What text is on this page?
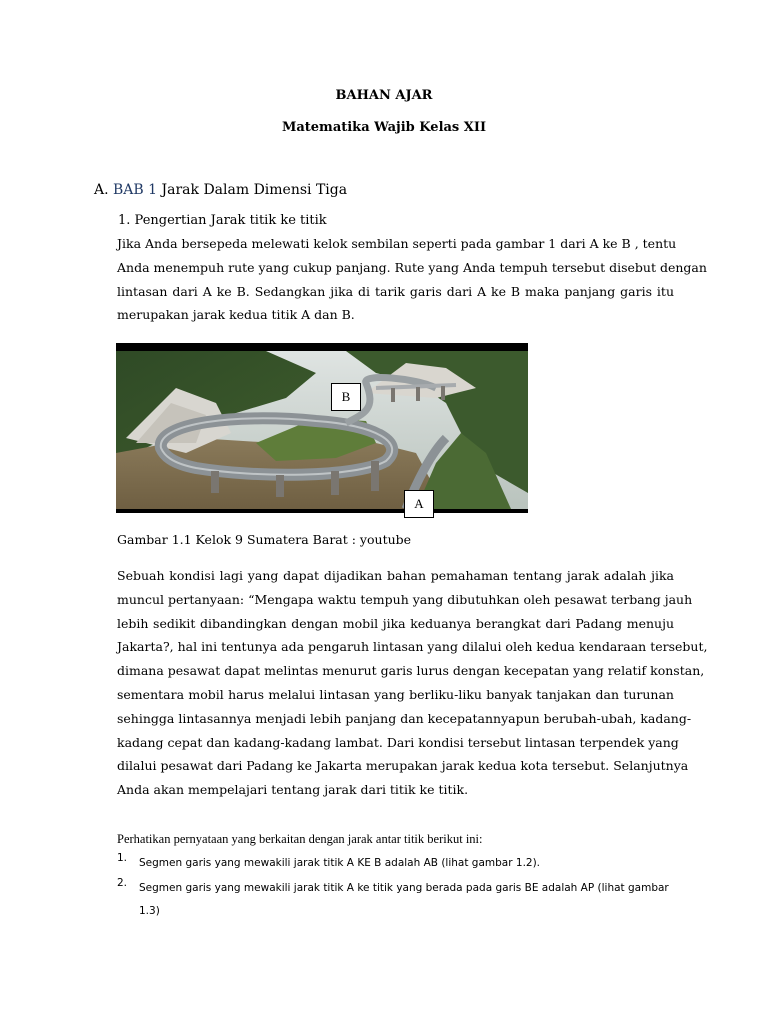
BAHAN AJAR
Matematika Wajib Kelas XII
A. BAB 1 Jarak Dalam Dimensi Tiga
1. Pengertian Jarak titik ke titik
Jika Anda bersepeda melewati kelok sembilan seperti pada gambar 1 dari A ke B , tentu
Anda menempuh rute yang cukup panjang. Rute yang Anda tempuh tersebut disebut dengan
lintasan dari A ke B. Sedangkan jika di tarik garis dari A ke B maka panjang garis itu
merupakan jarak kedua titik A dan B.
B
A
Gambar 1.1 Kelok 9 Sumatera Barat : youtube
Sebuah kondisi lagi yang dapat dijadikan bahan pemahaman tentang jarak adalah jika
muncul pertanyaan: “Mengapa waktu tempuh yang dibutuhkan oleh pesawat terbang jauh
lebih sedikit dibandingkan dengan mobil jika keduanya berangkat dari Padang menuju
Jakarta?, hal ini tentunya ada pengaruh lintasan yang dilalui oleh kedua kendaraan tersebut,
dimana pesawat dapat melintas menurut garis lurus dengan kecepatan yang relatif konstan,
sementara mobil harus melalui lintasan yang berliku-liku banyak tanjakan dan turunan
sehingga lintasannya menjadi lebih panjang dan kecepatannyapun berubah-ubah, kadang-
kadang cepat dan kadang-kadang lambat. Dari kondisi tersebut lintasan terpendek yang
dilalui pesawat dari Padang ke Jakarta merupakan jarak kedua kota tersebut. Selanjutnya
Anda akan mempelajari tentang jarak dari titik ke titik.
Perhatikan pernyataan yang berkaitan dengan jarak antar titik berikut ini:
1. Segmen garis yang mewakili jarak titik A KE B adalah AB (lihat gambar 1.2).
2. Segmen garis yang mewakili jarak titik A ke titik yang berada pada garis BE adalah AP (lihat gambar 1.3)
